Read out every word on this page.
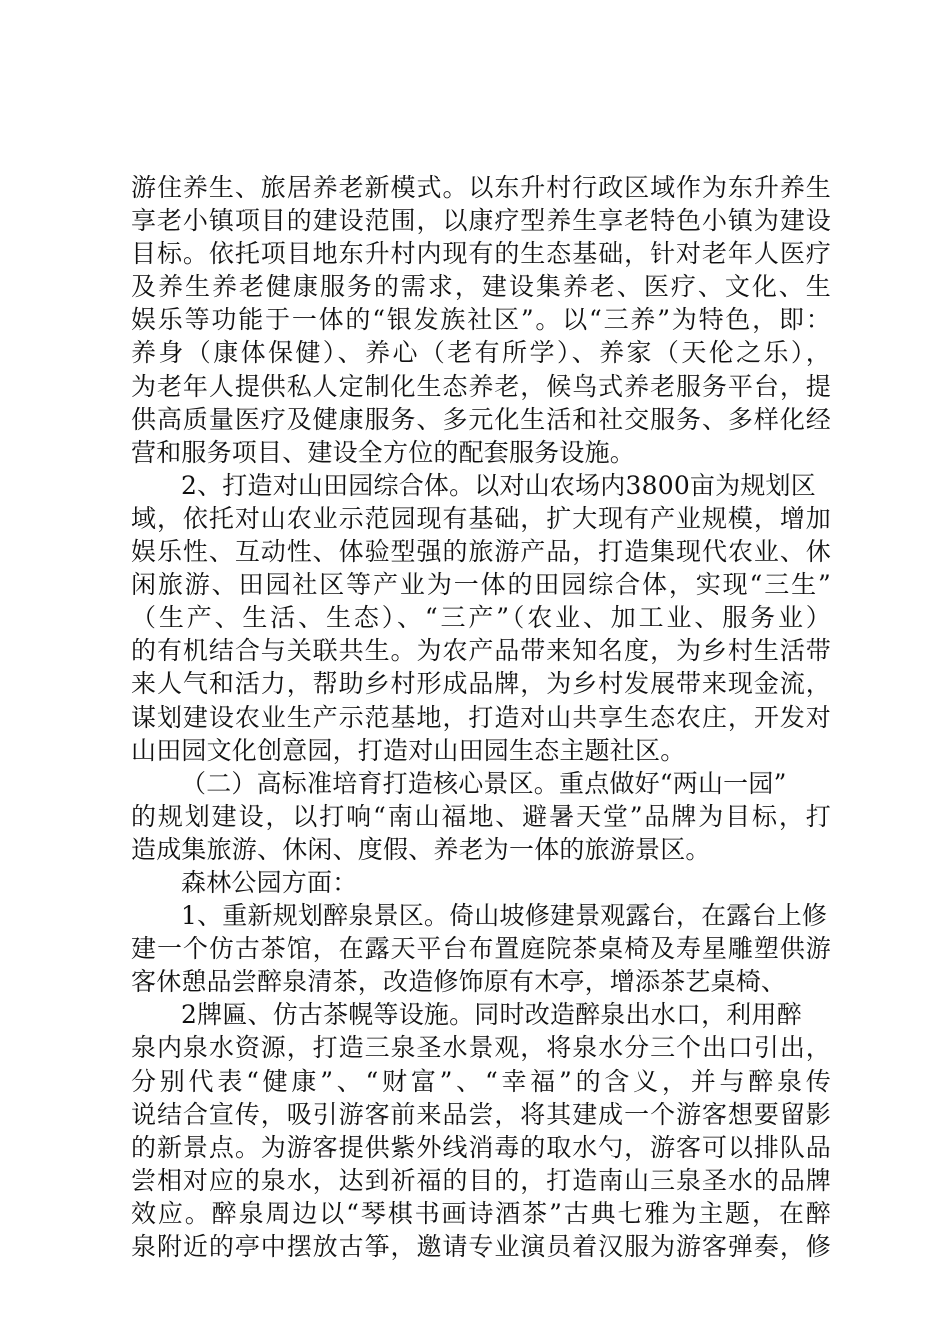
游住养生、旅居养老新模式。以东升村行政区域作为东升养生
享老小镇项目的建设范围，以康疗型养生享老特色小镇为建设
目标。依托项目地东升村内现有的生态基础，针对老年人医疗
及养生养老健康服务的需求，建设集养老、医疗、文化、生
娱乐等功能于一体的“银发族社区”。以“三养”为特色，即：
养身（康体保健）、养心（老有所学）、养家（天伦之乐），
为老年人提供私人定制化生态养老，候鸟式养老服务平台，提
供高质量医疗及健康服务、多元化生活和社交服务、多样化经
营和服务项目、建设全方位的配套服务设施。
2、打造对山田园综合体。以对山农场内3800亩为规划区
域，依托对山农业示范园现有基础，扩大现有产业规模，增加
娱乐性、互动性、体验型强的旅游产品，打造集现代农业、休
闲旅游、田园社区等产业为一体的田园综合体，实现“三生”
（生产、生活、生态）、“三产”（农业、加工业、服务业）
的有机结合与关联共生。为农产品带来知名度，为乡村生活带
来人气和活力，帮助乡村形成品牌，为乡村发展带来现金流，
谋划建设农业生产示范基地，打造对山共享生态农庄，开发对
山田园文化创意园，打造对山田园生态主题社区。
（二）高标准培育打造核心景区。重点做好“两山一园”
的规划建设，以打响“南山福地、避暑天堂”品牌为目标，打
造成集旅游、休闲、度假、养老为一体的旅游景区。
森林公园方面：
1、重新规划醉泉景区。倚山坡修建景观露台，在露台上修
建一个仿古茶馆，在露天平台布置庭院茶桌椅及寿星雕塑供游
客休憩品尝醉泉清茶，改造修饰原有木亭，增添茶艺桌椅、
2牌匾、仿古茶幌等设施。同时改造醉泉出水口，利用醉
泉内泉水资源，打造三泉圣水景观，将泉水分三个出口引出，
分别代表“健康”、“财富”、“幸福”的含义，并与醉泉传
说结合宣传，吸引游客前来品尝，将其建成一个游客想要留影
的新景点。为游客提供紫外线消毒的取水勺，游客可以排队品
尝相对应的泉水，达到祈福的目的，打造南山三泉圣水的品牌
效应。醉泉周边以“琴棋书画诗酒茶”古典七雅为主题，在醉
泉附近的亭中摆放古筝，邀请专业演员着汉服为游客弹奏，修
